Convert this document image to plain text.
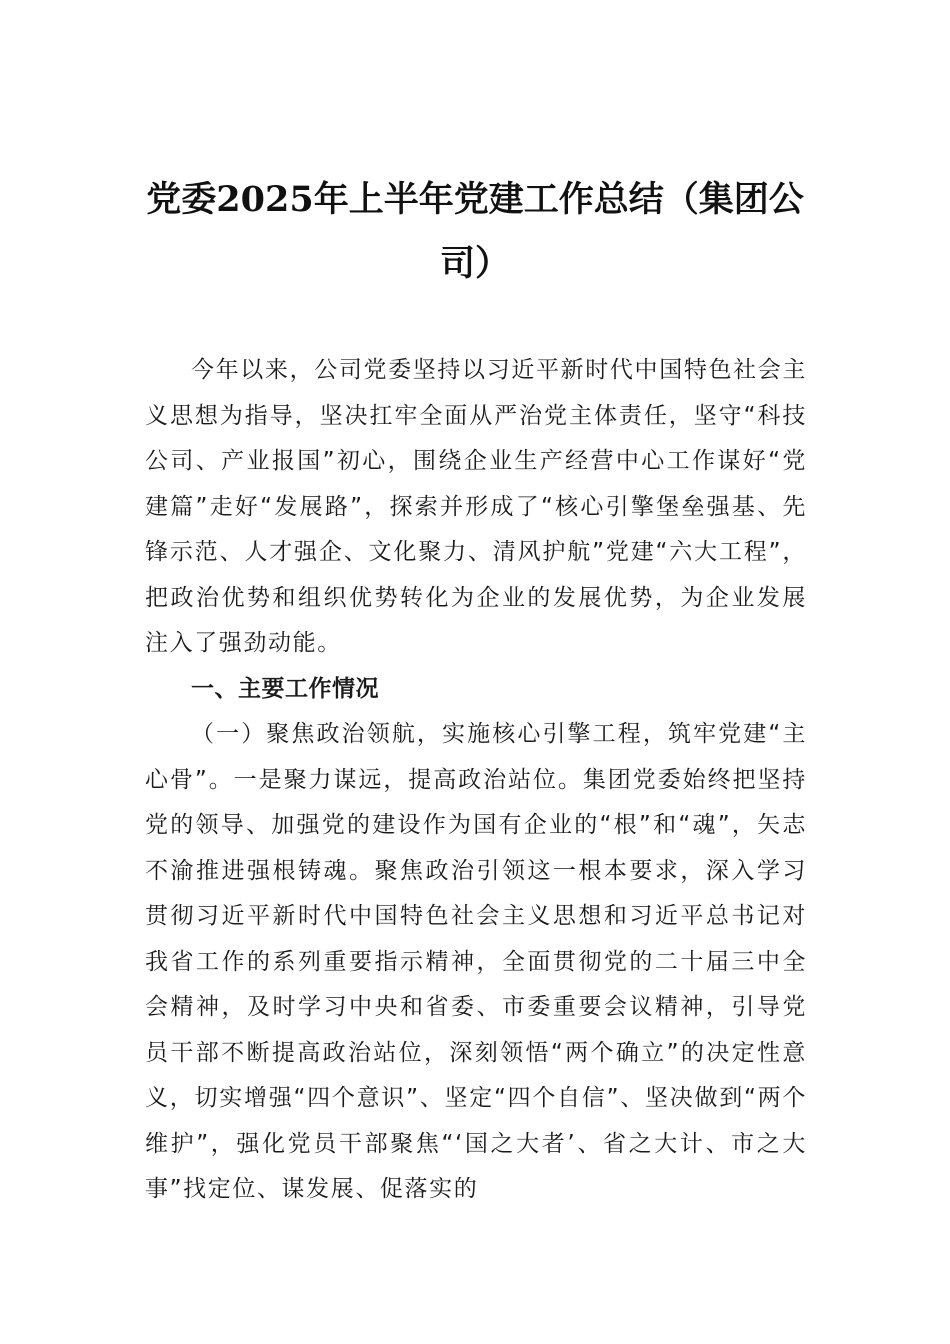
党委2025年上半年党建工作总结（集团公司）

今年以来，公司党委坚持以习近平新时代中国特色社会主义思想为指导，坚决扛牢全面从严治党主体责任，坚守“科技公司、产业报国”初心，围绕企业生产经营中心工作谋好“党建篇”走好“发展路”，探索并形成了“核心引擎堡垒强基、先锋示范、人才强企、文化聚力、清风护航”党建“六大工程”，把政治优势和组织优势转化为企业的发展优势，为企业发展注入了强劲动能。

一、主要工作情况

（一）聚焦政治领航，实施核心引擎工程，筑牢党建“主心骨”。一是聚力谋远，提高政治站位。集团党委始终把坚持党的领导、加强党的建设作为国有企业的“根”和“魂”，矢志不渝推进强根铸魂。聚焦政治引领这一根本要求，深入学习贯彻习近平新时代中国特色社会主义思想和习近平总书记对我省工作的系列重要指示精神，全面贯彻党的二十届三中全会精神，及时学习中央和省委、市委重要会议精神，引导党员干部不断提高政治站位，深刻领悟“两个确立”的决定性意义，切实增强“四个意识”、坚定“四个自信”、坚决做到“两个维护”，强化党员干部聚焦“‘国之大者’、省之大计、市之大事”找定位、谋发展、促落实的
